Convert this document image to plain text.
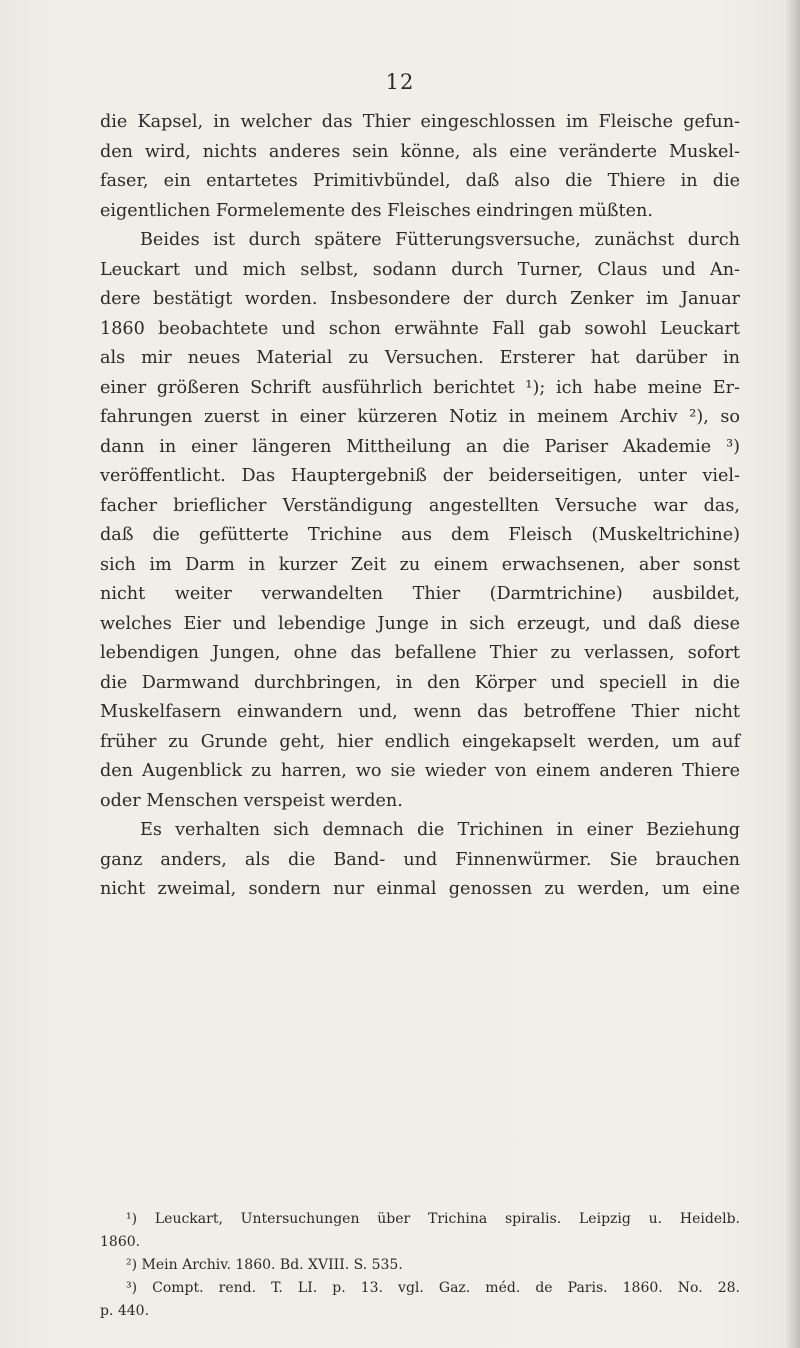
12
die Kapsel, in welcher das Thier eingeschlossen im Fleische gefun-
den wird, nichts anderes sein könne, als eine veränderte Muskel-
faser, ein entartetes Primitivbündel, daß also die Thiere in die
eigentlichen Formelemente des Fleisches eindringen müßten.
Beides ist durch spätere Fütterungsversuche, zunächst durch
Leuckart und mich selbst, sodann durch Turner, Claus und An-
dere bestätigt worden. Insbesondere der durch Zenker im Januar
1860 beobachtete und schon erwähnte Fall gab sowohl Leuckart
als mir neues Material zu Versuchen. Ersterer hat darüber in
einer größeren Schrift ausführlich berichtet ¹); ich habe meine Er-
fahrungen zuerst in einer kürzeren Notiz in meinem Archiv ²), so
dann in einer längeren Mittheilung an die Pariser Akademie ³)
veröffentlicht. Das Hauptergebniß der beiderseitigen, unter viel-
facher brieflicher Verständigung angestellten Versuche war das,
daß die gefütterte Trichine aus dem Fleisch (Muskeltrichine)
sich im Darm in kurzer Zeit zu einem erwachsenen, aber sonst
nicht weiter verwandelten Thier (Darmtrichine) ausbildet,
welches Eier und lebendige Junge in sich erzeugt, und daß diese
lebendigen Jungen, ohne das befallene Thier zu verlassen, sofort
die Darmwand durchbringen, in den Körper und speciell in die
Muskelfasern einwandern und, wenn das betroffene Thier nicht
früher zu Grunde geht, hier endlich eingekapselt werden, um auf
den Augenblick zu harren, wo sie wieder von einem anderen Thiere
oder Menschen verspeist werden.
Es verhalten sich demnach die Trichinen in einer Beziehung
ganz anders, als die Band- und Finnenwürmer. Sie brauchen
nicht zweimal, sondern nur einmal genossen zu werden, um eine
¹) Leuckart, Untersuchungen über Trichina spiralis. Leipzig u. Heidelb.
1860.
²) Mein Archiv. 1860. Bd. XVIII. S. 535.
³) Compt. rend. T. LI. p. 13. vgl. Gaz. méd. de Paris. 1860. No. 28.
p. 440.
